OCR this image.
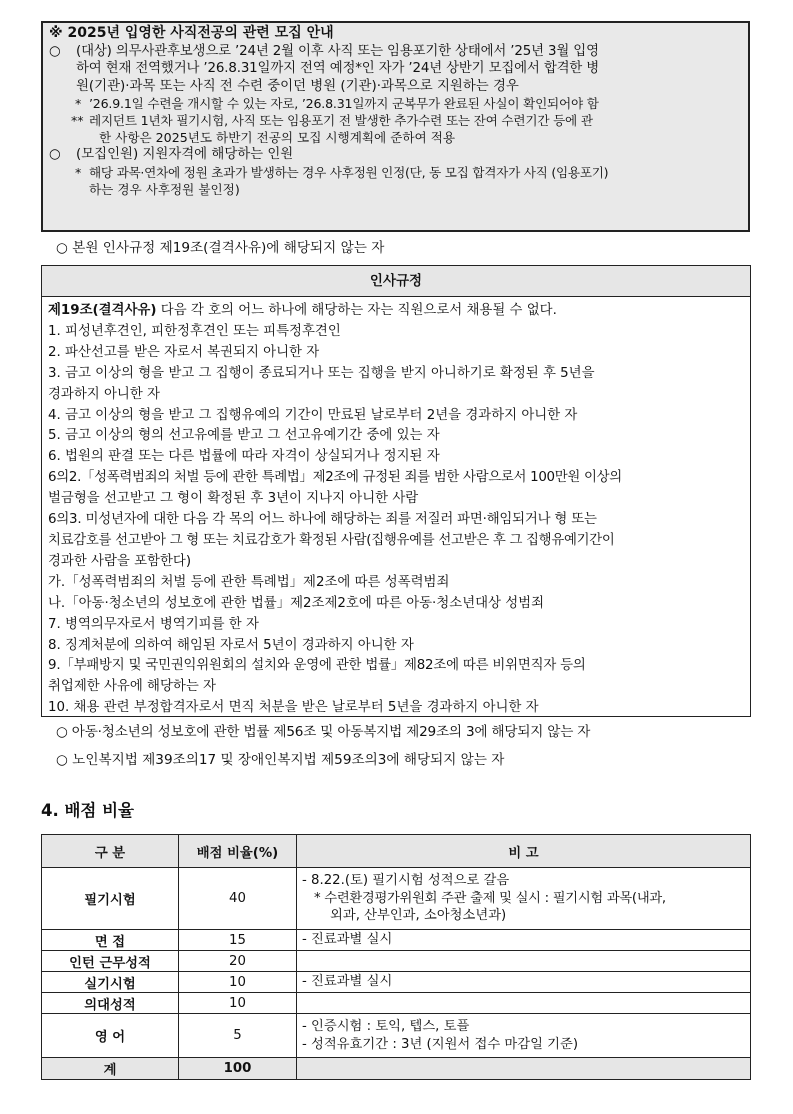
※ 2025년 입영한 사직전공의 관련 모집 안내
○ (대상) 의무사관후보생으로 ’24년 2월 이후 사직 또는 임용포기한 상태에서 ’25년 3월 입영
하여 현재 전역했거나 ’26.8.31일까지 전역 예정*인 자가 ’24년 상반기 모집에서 합격한 병
원(기관)·과목 또는 사직 전 수련 중이던 병원 (기관)·과목으로 지원하는 경우
* ’26.9.1일 수련을 개시할 수 있는 자로, ’26.8.31일까지 군복무가 완료된 사실이 확인되어야 함
** 레지던트 1년차 필기시험, 사직 또는 임용포기 전 발생한 추가수련 또는 잔여 수련기간 등에 관
한 사항은 2025년도 하반기 전공의 모집 시행계획에 준하여 적용
○ (모집인원) 지원자격에 해당하는 인원
* 해당 과목·연차에 정원 초과가 발생하는 경우 사후정원 인정(단, 동 모집 합격자가 사직 (임용포기)
하는 경우 사후정원 불인정)
○ 본원 인사규정 제19조(결격사유)에 해당되지 않는 자
인사규정
제19조(결격사유) 다음 각 호의 어느 하나에 해당하는 자는 직원으로서 채용될 수 없다.
1. 피성년후견인, 피한정후견인 또는 피특정후견인
2. 파산선고를 받은 자로서 복권되지 아니한 자
3. 금고 이상의 형을 받고 그 집행이 종료되거나 또는 집행을 받지 아니하기로 확정된 후 5년을
경과하지 아니한 자
4. 금고 이상의 형을 받고 그 집행유예의 기간이 만료된 날로부터 2년을 경과하지 아니한 자
5. 금고 이상의 형의 선고유예를 받고 그 선고유예기간 중에 있는 자
6. 법원의 판결 또는 다른 법률에 따라 자격이 상실되거나 정지된 자
6의2.「성폭력범죄의 처벌 등에 관한 특례법」제2조에 규정된 죄를 범한 사람으로서 100만원 이상의
벌금형을 선고받고 그 형이 확정된 후 3년이 지나지 아니한 사람
6의3. 미성년자에 대한 다음 각 목의 어느 하나에 해당하는 죄를 저질러 파면·해임되거나 형 또는
치료감호를 선고받아 그 형 또는 치료감호가 확정된 사람(집행유예를 선고받은 후 그 집행유예기간이
경과한 사람을 포함한다)
가.「성폭력범죄의 처벌 등에 관한 특례법」제2조에 따른 성폭력범죄
나.「아동·청소년의 성보호에 관한 법률」제2조제2호에 따른 아동·청소년대상 성범죄
7. 병역의무자로서 병역기피를 한 자
8. 징계처분에 의하여 해임된 자로서 5년이 경과하지 아니한 자
9.「부패방지 및 국민권익위원회의 설치와 운영에 관한 법률」제82조에 따른 비위면직자 등의
취업제한 사유에 해당하는 자
10. 채용 관련 부정합격자로서 면직 처분을 받은 날로부터 5년을 경과하지 아니한 자
○ 아동·청소년의 성보호에 관한 법률 제56조 및 아동복지법 제29조의 3에 해당되지 않는 자
○ 노인복지법 제39조의17 및 장애인복지법 제59조의3에 해당되지 않는 자
4. 배점 비율
구 분	배점 비율(%)	비 고
필기시험	40	- 8.22.(토) 필기시험 성적으로 갈음
* 수련환경평가위원회 주관 출제 및 실시 : 필기시험 과목(내과,
외과, 산부인과, 소아청소년과)

면 접	15	- 진료과별 실시

인턴 근무성적	20	
실기시험	10	- 진료과별 실시

의대성적	10	
영 어	5	- 인증시험 : 토익, 텝스, 토플
- 성적유효기간 : 3년 (지원서 접수 마감일 기준)

계	100	
